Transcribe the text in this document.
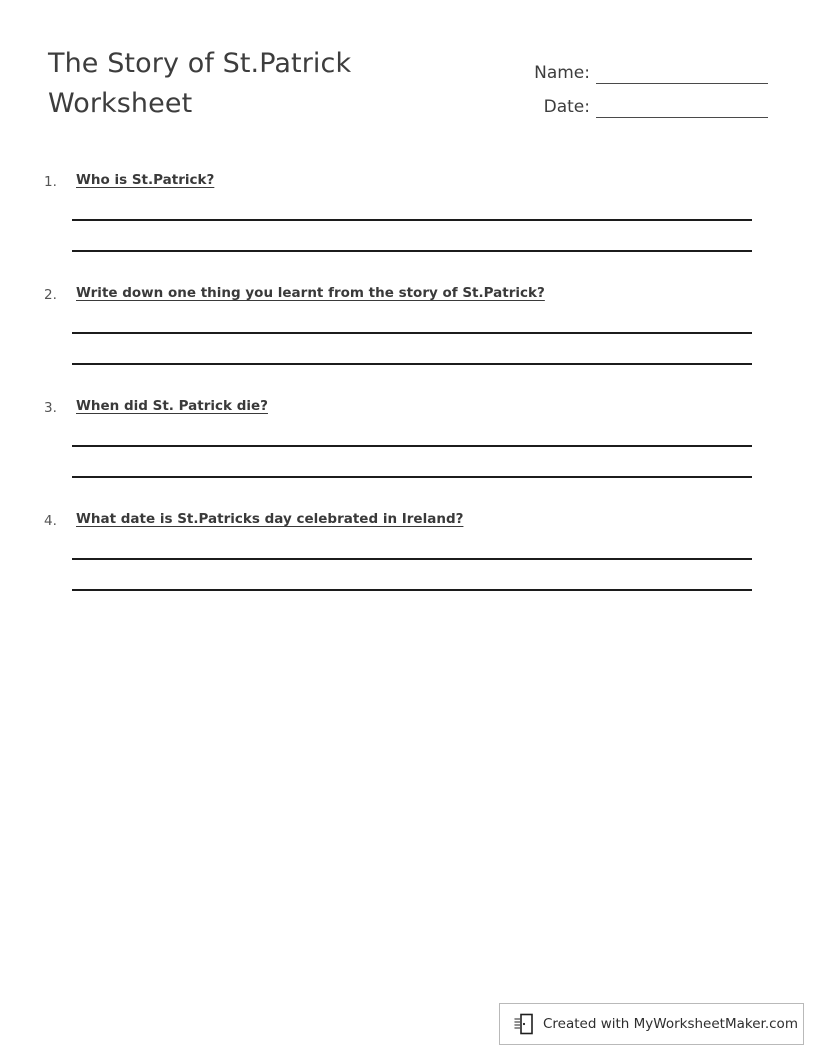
The Story of St.Patrick Worksheet
Name:
Date:
1.	Who is St.Patrick?
2.	Write down one thing you learnt from the story of St.Patrick?
3.	When did St. Patrick die?
4.	What date is St.Patricks day celebrated in Ireland?
Created with MyWorksheetMaker.com
